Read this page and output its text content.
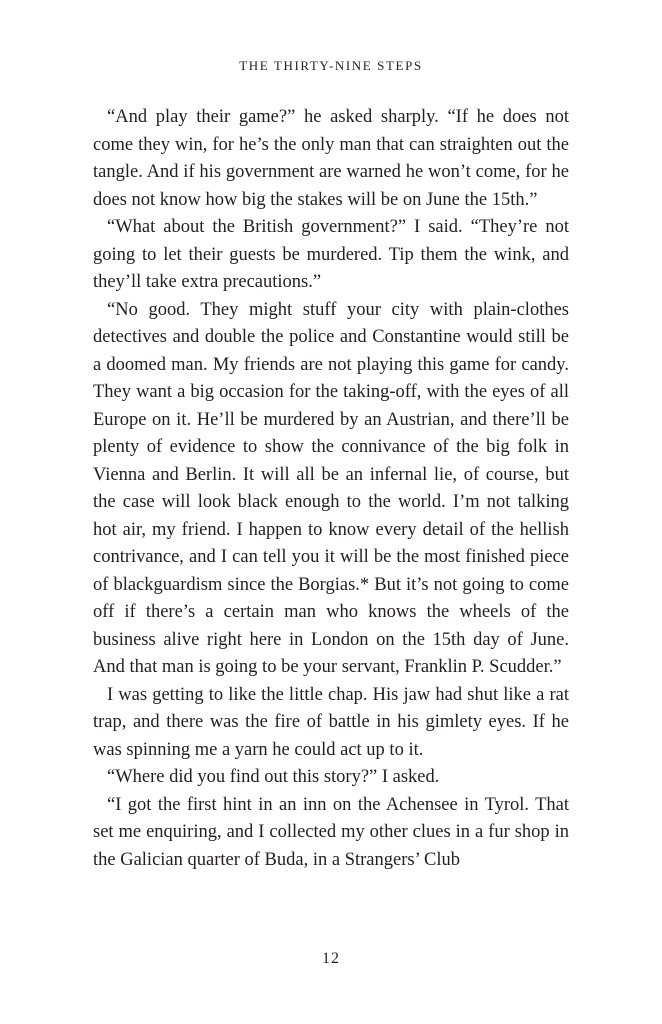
THE THIRTY-NINE STEPS

“And play their game?” he asked sharply. “If he does not come they win, for he’s the only man that can straighten out the tangle. And if his government are warned he won’t come, for he does not know how big the stakes will be on June the 15th.”

“What about the British government?” I said. “They’re not going to let their guests be murdered. Tip them the wink, and they’ll take extra precautions.”

“No good. They might stuff your city with plain-clothes detectives and double the police and Constantine would still be a doomed man. My friends are not playing this game for candy. They want a big occasion for the taking-off, with the eyes of all Europe on it. He’ll be murdered by an Austrian, and there’ll be plenty of evidence to show the connivance of the big folk in Vienna and Berlin. It will all be an infernal lie, of course, but the case will look black enough to the world. I’m not talking hot air, my friend. I happen to know every detail of the hellish contrivance, and I can tell you it will be the most finished piece of blackguardism since the Borgias.* But it’s not going to come off if there’s a certain man who knows the wheels of the business alive right here in London on the 15th day of June. And that man is going to be your servant, Franklin P. Scudder.”

I was getting to like the little chap. His jaw had shut like a rat trap, and there was the fire of battle in his gimlety eyes. If he was spinning me a yarn he could act up to it.

“Where did you find out this story?” I asked.

“I got the first hint in an inn on the Achensee in Tyrol. That set me enquiring, and I collected my other clues in a fur shop in the Galician quarter of Buda, in a Strangers’ Club

12
